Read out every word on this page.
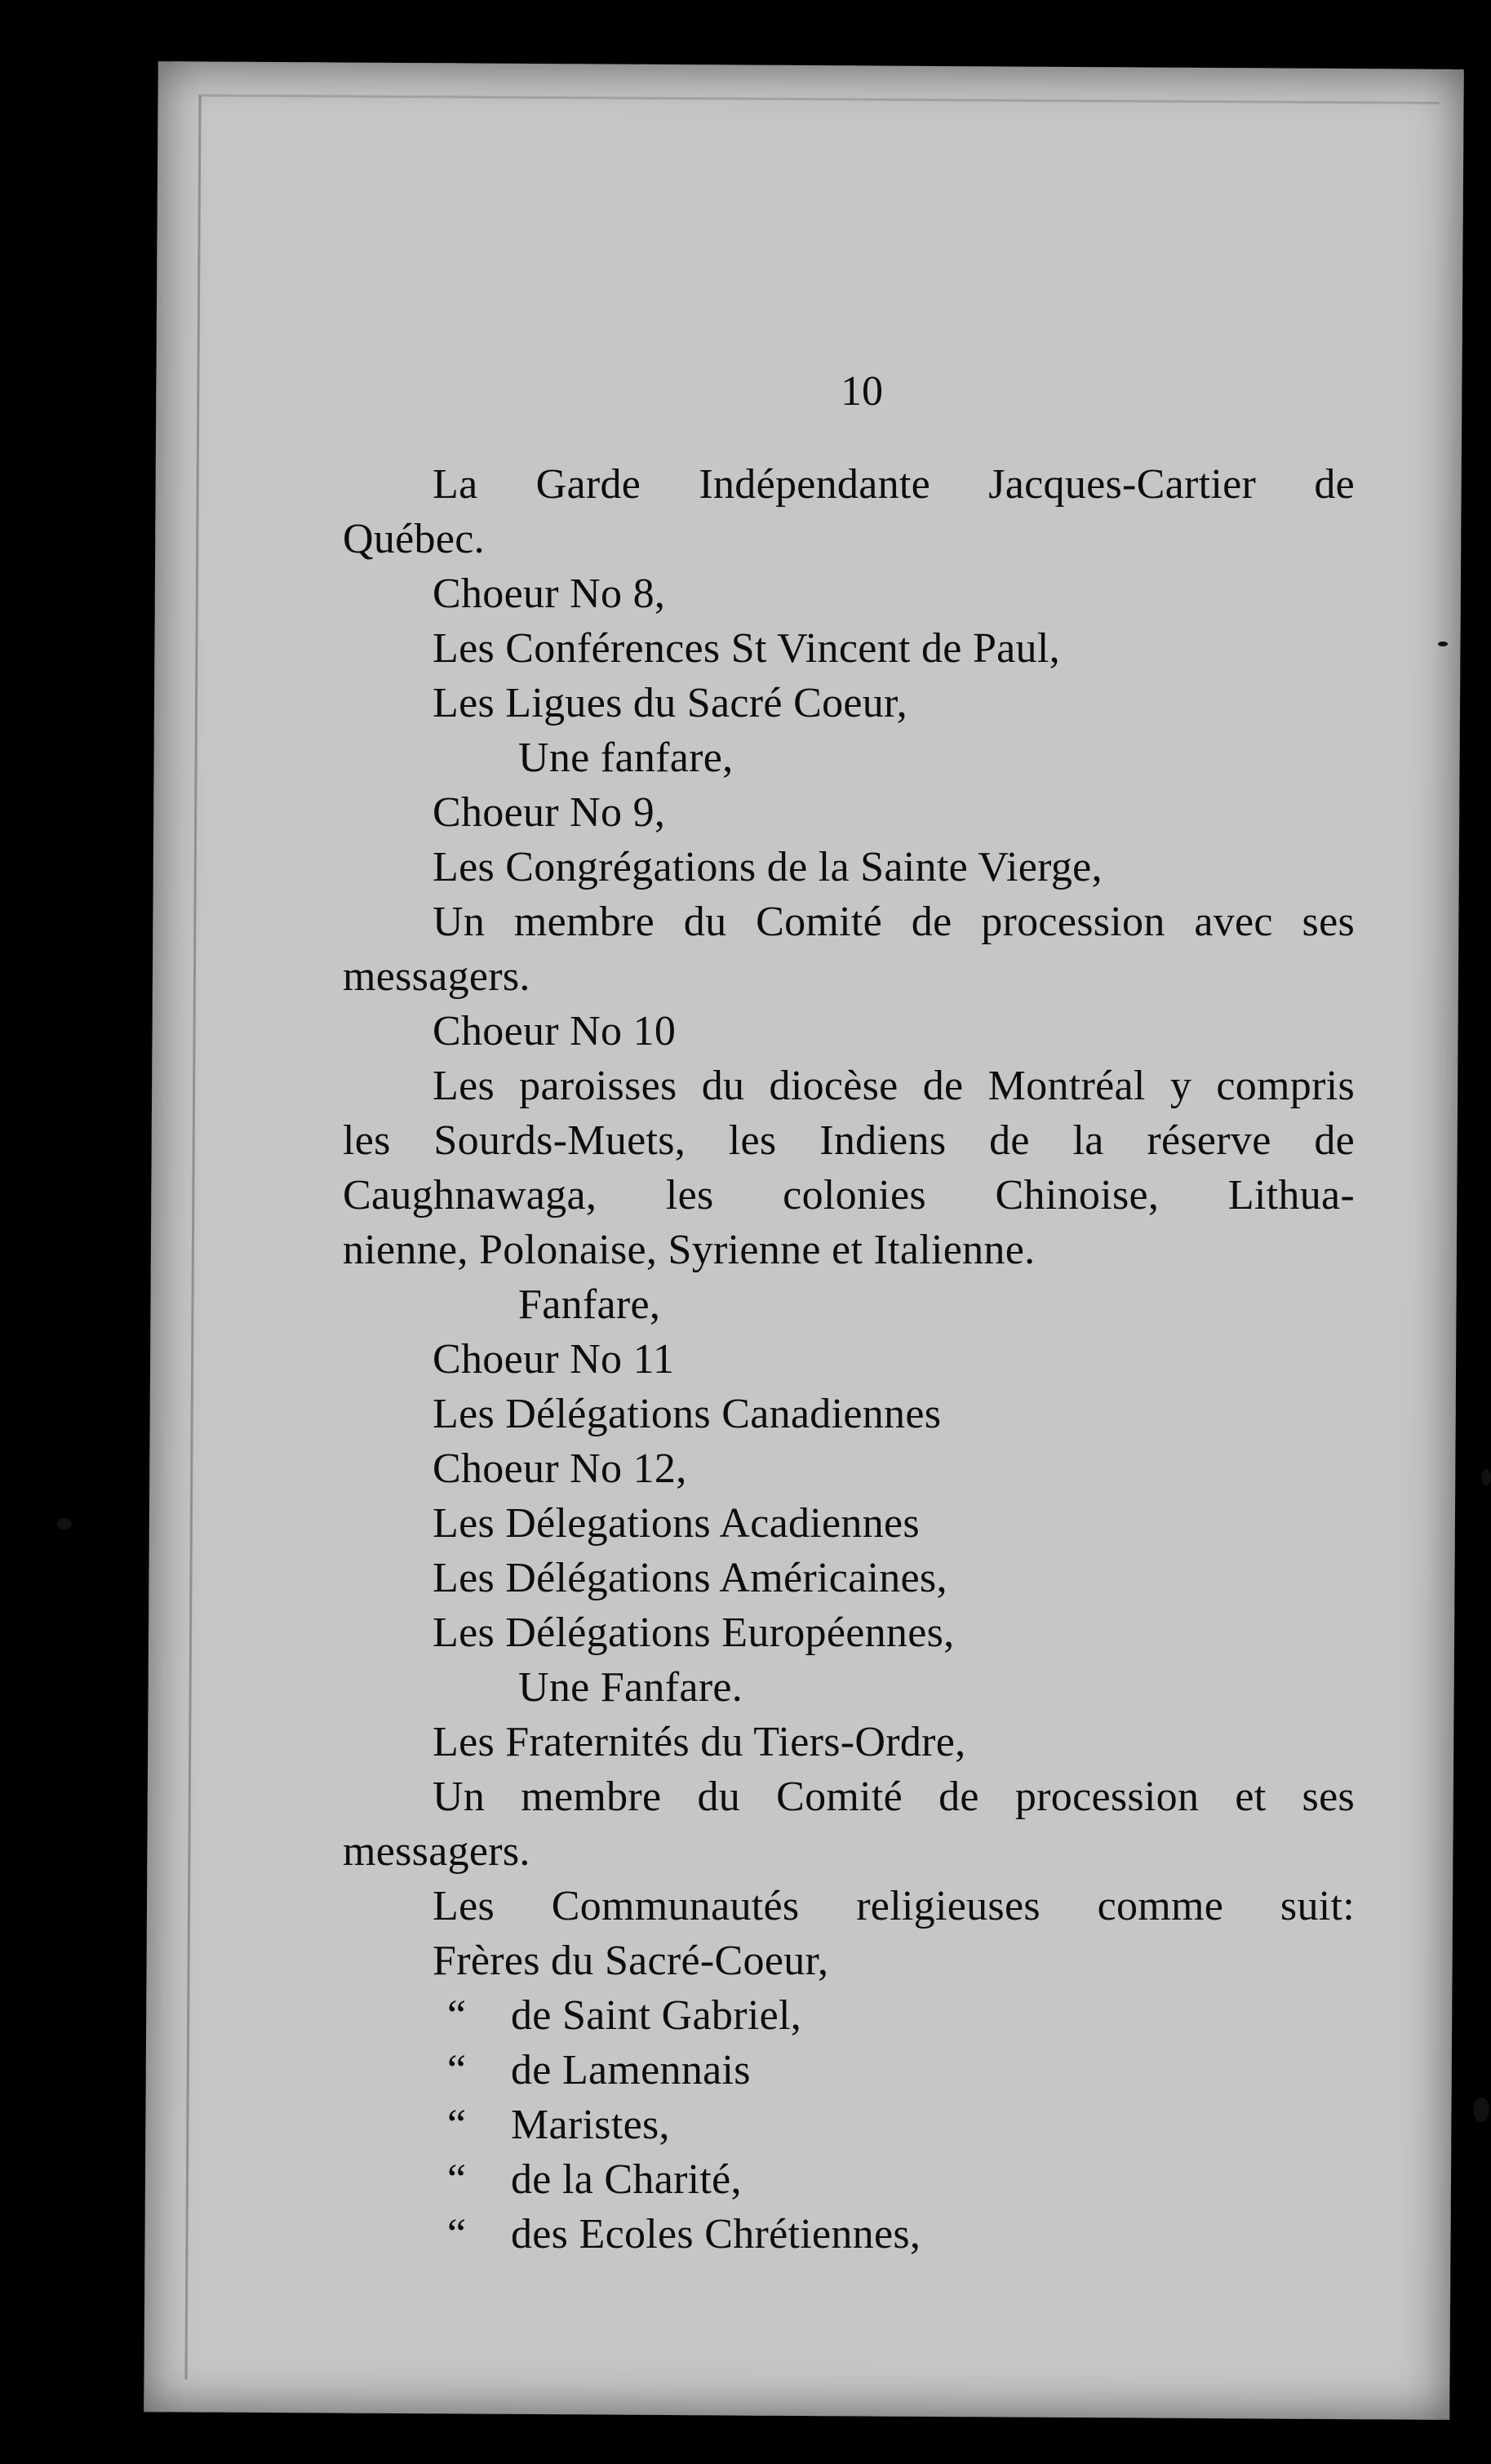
10
La Garde Indépendante Jacques-Cartier de
Québec.
Choeur No 8,
Les Conférences St Vincent de Paul,
Les Ligues du Sacré Coeur,
Une fanfare,
Choeur No 9,
Les Congrégations de la Sainte Vierge,
Un membre du Comité de procession avec ses
messagers.
Choeur No 10
Les paroisses du diocèse de Montréal y compris
les Sourds-Muets, les Indiens de la réserve de
Caughnawaga, les colonies Chinoise, Lithua-
nienne, Polonaise, Syrienne et Italienne.
Fanfare,
Choeur No 11
Les Délégations Canadiennes
Choeur No 12,
Les Délegations Acadiennes
Les Délégations Américaines,
Les Délégations Européennes,
Une Fanfare.
Les Fraternités du Tiers-Ordre,
Un membre du Comité de procession et ses
messagers.
Les Communautés religieuses comme suit:
Frères du Sacré-Coeur,
“ de Saint Gabriel,
“ de Lamennais
“ Maristes,
“ de la Charité,
“ des Ecoles Chrétiennes,
